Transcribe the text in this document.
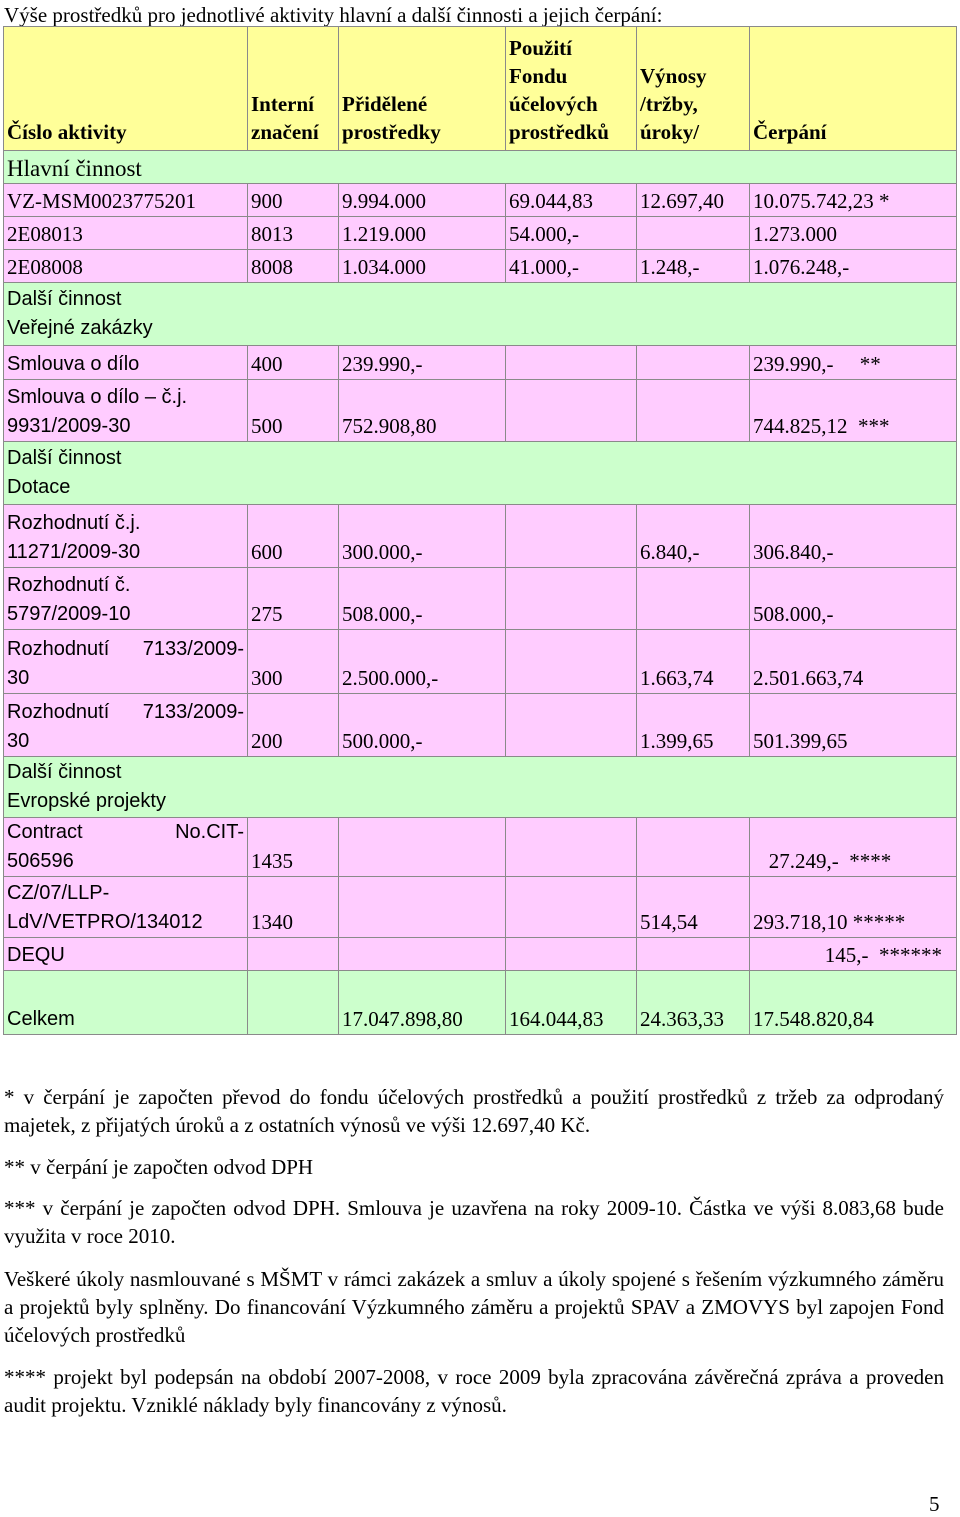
Výše prostředků pro jednotlivé aktivity hlavní a další činnosti a jejich čerpání:
Číslo aktivity	Interní značení	Přidělené prostředky	Použití Fondu účelových prostředků	Výnosy /tržby, úroky/	Čerpání
Hlavní činnost					
VZ-MSM0023775201	900	9.994.000	69.044,83	12.697,40	10.075.742,23 *
2E08013	8013	1.219.000	54.000,-		1.273.000
2E08008	8008	1.034.000	41.000,-	1.248,-	1.076.248,-
Další činnost
Veřejné zakázky					
Smlouva o dílo	400	239.990,-			239.990,- **
Smlouva o dílo – č.j.
9931/2009-30	500	752.908,80			744.825,12 ***
Další činnost
Dotace					
Rozhodnutí č.j.
11271/2009-30	600	300.000,-		6.840,-	306.840,-
Rozhodnutí č.
5797/2009-10	275	508.000,-			508.000,-

Rozhodnutí 7133/2009-
30	300	2.500.000,-		1.663,74	2.501.663,74

Rozhodnutí 7133/2009-
30	200	500.000,-		1.399,65	501.399,65
Další činnost
Evropské projekty					

Contract No.CIT-
506596	1435				27.249,- ****
CZ/07/LLP-
LdV/VETPRO/134012	1340			514,54	293.718,10 *****
DEQU					145,- ******
Celkem		17.047.898,80	164.044,83	24.363,33	17.548.820,84
* v čerpání je započten převod do fondu účelových prostředků a použití prostředků z tržeb za odprodaný majetek, z přijatých úroků a z ostatních výnosů ve výši 12.697,40 Kč.
** v čerpání je započten odvod DPH
*** v čerpání je započten odvod DPH. Smlouva je uzavřena na roky 2009-10. Částka ve výši 8.083,68 bude využita v roce 2010.
Veškeré úkoly nasmlouvané s MŠMT v rámci zakázek a smluv a úkoly spojené s řešením výzkumného záměru a projektů byly splněny. Do financování Výzkumného záměru a projektů SPAV a ZMOVYS byl zapojen Fond účelových prostředků
**** projekt byl podepsán na období 2007-2008, v roce 2009 byla zpracována závěrečná zpráva a proveden audit projektu. Vzniklé náklady byly financovány z výnosů.
5
